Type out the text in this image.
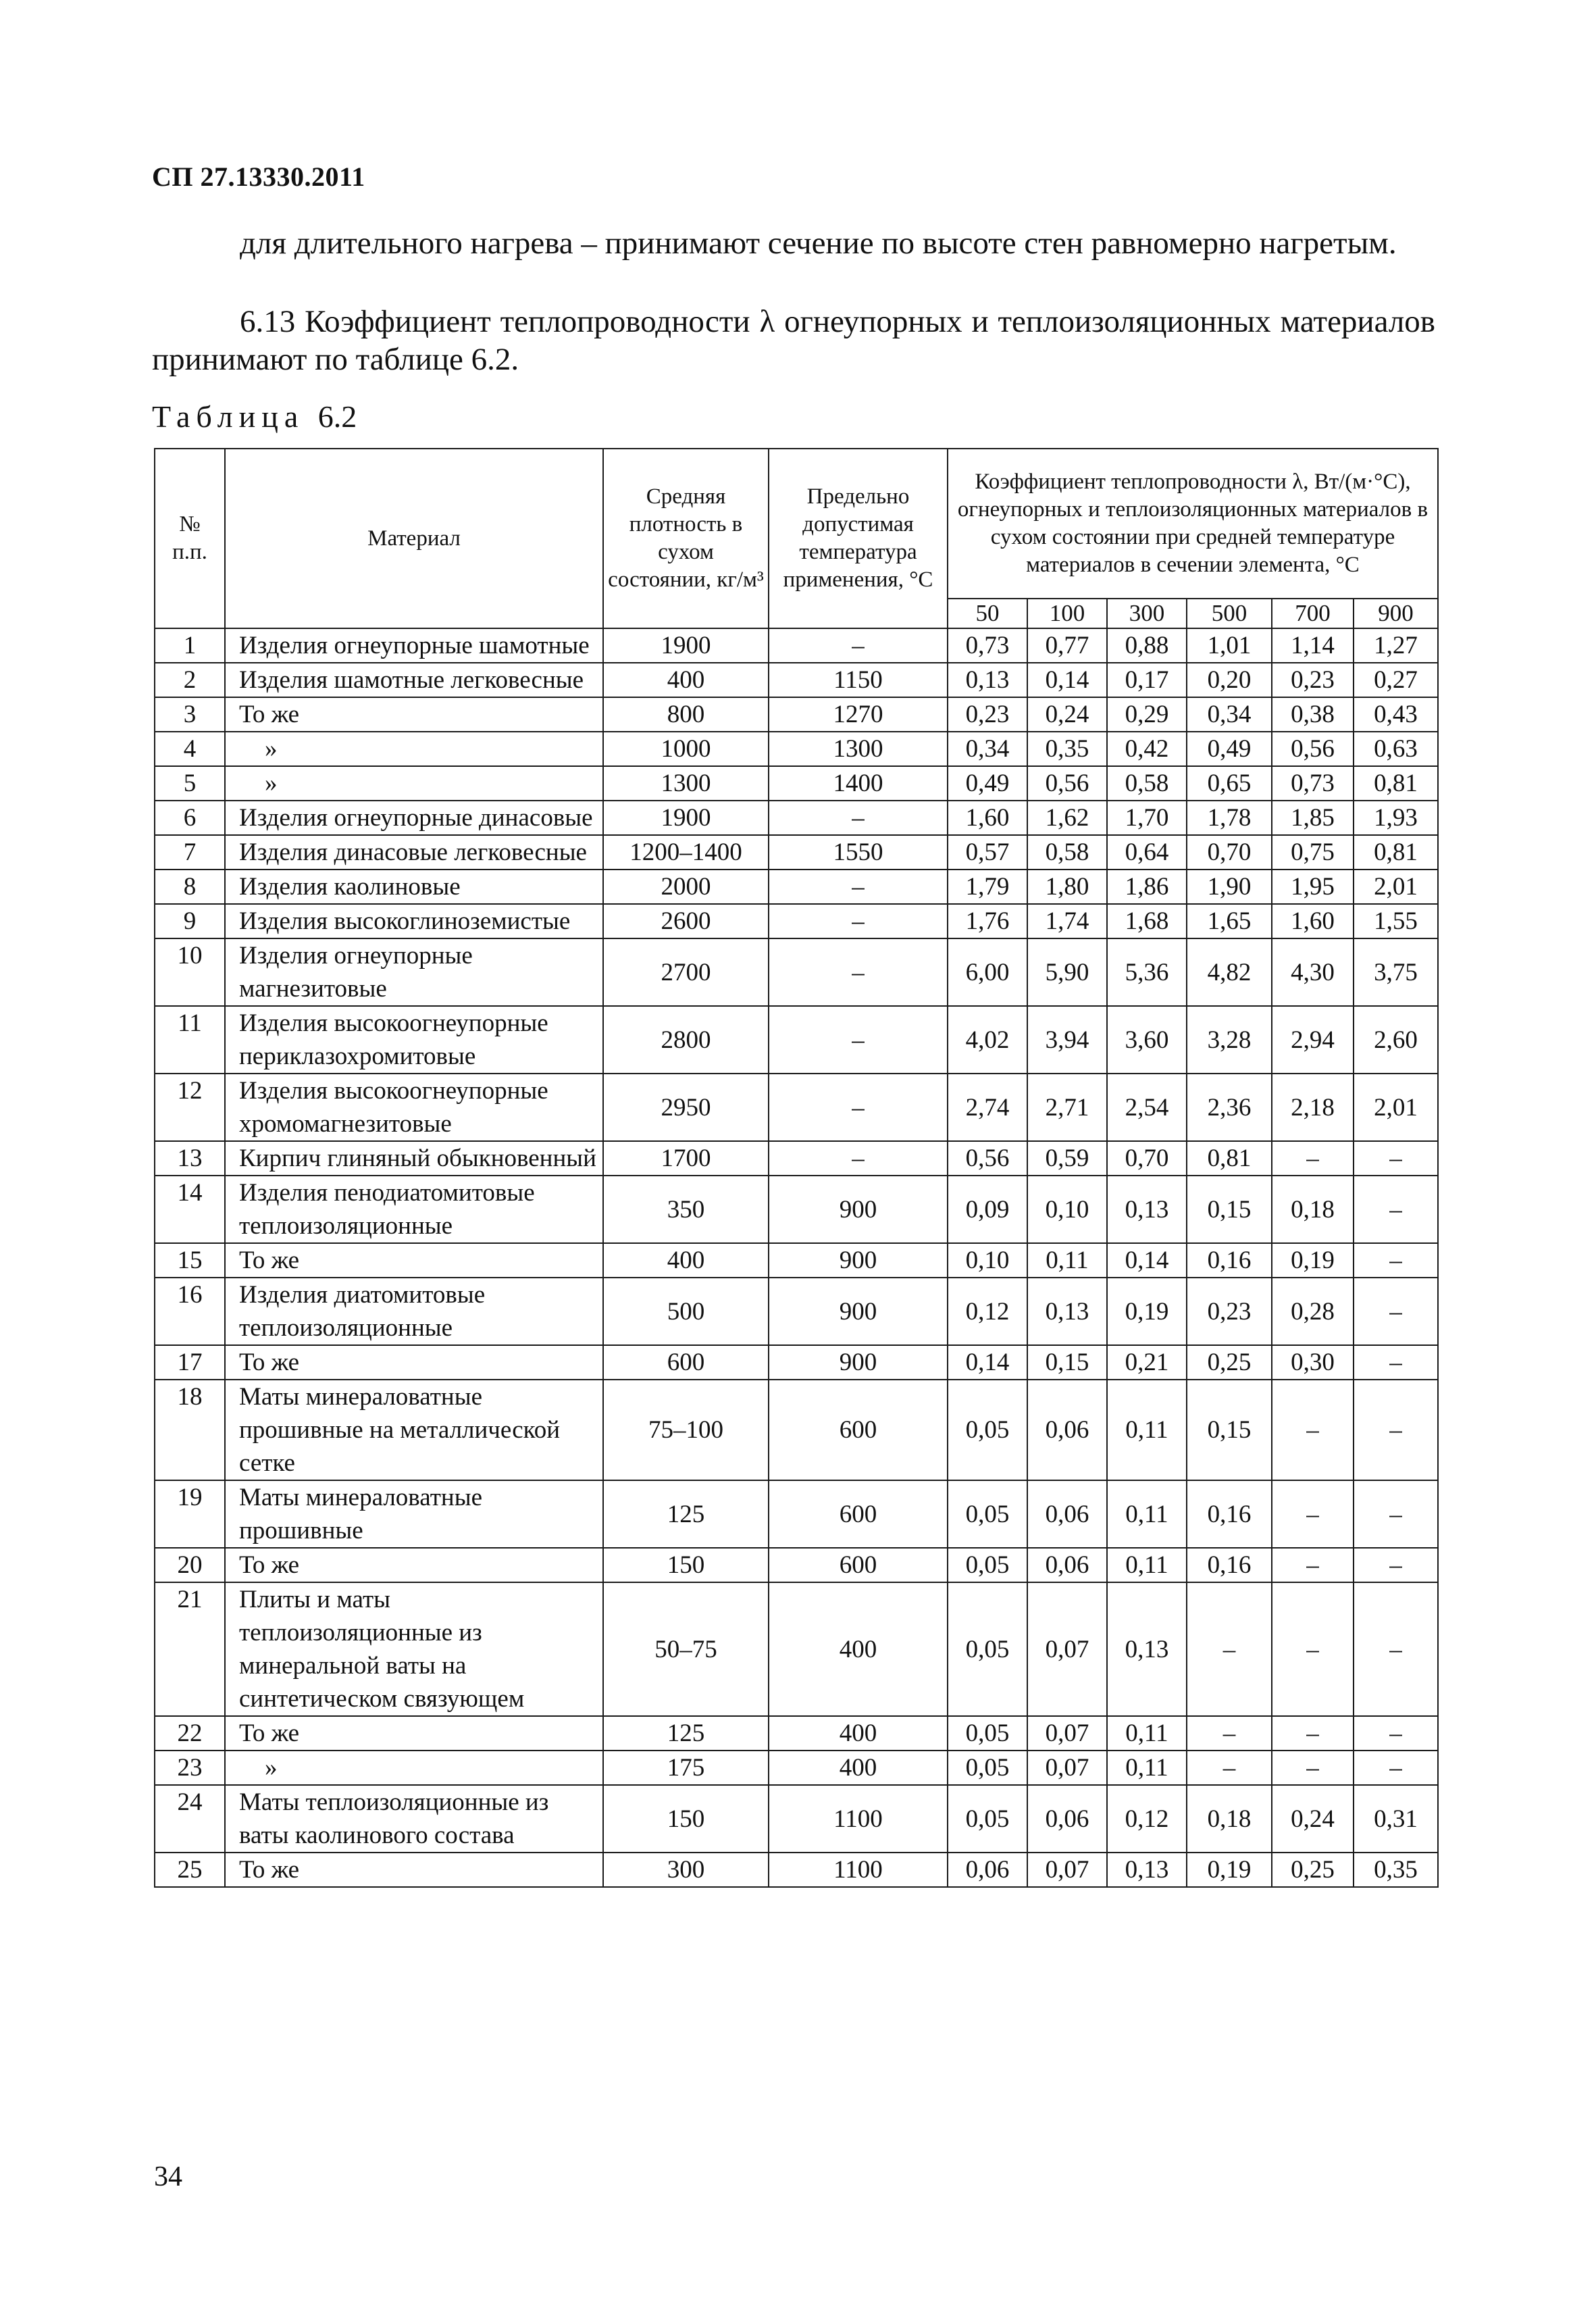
СП 27.13330.2011
для длительного нагрева – принимают сечение по высоте стен равномерно нагретым.
6.13 Коэффициент теплопроводности λ огнеупорных и теплоизоляционных материалов принимают по таблице 6.2.
Таблица 6.2
№ п.п.	Материал	Средняя плотность в сухом состоянии, кг/м³	Предельно допустимая температура применения, °С	Коэффициент теплопроводности λ, Вт/(м·°С), огнеупорных и теплоизоляционных материалов в сухом состоянии при средней температуре материалов в сечении элемента, °С					
				50	100	300	500	700	900
1	Изделия огнеупорные шамотные	1900	–	0,73	0,77	0,88	1,01	1,14	1,27
2	Изделия шамотные легковесные	400	1150	0,13	0,14	0,17	0,20	0,23	0,27
3	То же	800	1270	0,23	0,24	0,29	0,34	0,38	0,43
4	»	1000	1300	0,34	0,35	0,42	0,49	0,56	0,63
5	»	1300	1400	0,49	0,56	0,58	0,65	0,73	0,81
6	Изделия огнеупорные динасовые	1900	–	1,60	1,62	1,70	1,78	1,85	1,93
7	Изделия динасовые легковесные	1200–1400	1550	0,57	0,58	0,64	0,70	0,75	0,81
8	Изделия каолиновые	2000	–	1,79	1,80	1,86	1,90	1,95	2,01
9	Изделия высокоглиноземистые	2600	–	1,76	1,74	1,68	1,65	1,60	1,55
10	Изделия огнеупорные магнезитовые	2700	–	6,00	5,90	5,36	4,82	4,30	3,75
11	Изделия высокоогнеупорные периклазохромитовые	2800	–	4,02	3,94	3,60	3,28	2,94	2,60
12	Изделия высокоогнеупорные хромомагнезитовые	2950	–	2,74	2,71	2,54	2,36	2,18	2,01
13	Кирпич глиняный обыкновенный	1700	–	0,56	0,59	0,70	0,81	–	–
14	Изделия пенодиатомитовые теплоизоляционные	350	900	0,09	0,10	0,13	0,15	0,18	–
15	То же	400	900	0,10	0,11	0,14	0,16	0,19	–
16	Изделия диатомитовые теплоизоляционные	500	900	0,12	0,13	0,19	0,23	0,28	–
17	То же	600	900	0,14	0,15	0,21	0,25	0,30	–
18	Маты минераловатные прошивные на металлической сетке	75–100	600	0,05	0,06	0,11	0,15	–	–
19	Маты минераловатные прошивные	125	600	0,05	0,06	0,11	0,16	–	–
20	То же	150	600	0,05	0,06	0,11	0,16	–	–
21	Плиты и маты теплоизоляционные из минеральной ваты на синтетическом связующем	50–75	400	0,05	0,07	0,13	–	–	–
22	То же	125	400	0,05	0,07	0,11	–	–	–
23	»	175	400	0,05	0,07	0,11	–	–	–
24	Маты теплоизоляционные из ваты каолинового состава	150	1100	0,05	0,06	0,12	0,18	0,24	0,31
25	То же	300	1100	0,06	0,07	0,13	0,19	0,25	0,35
34
